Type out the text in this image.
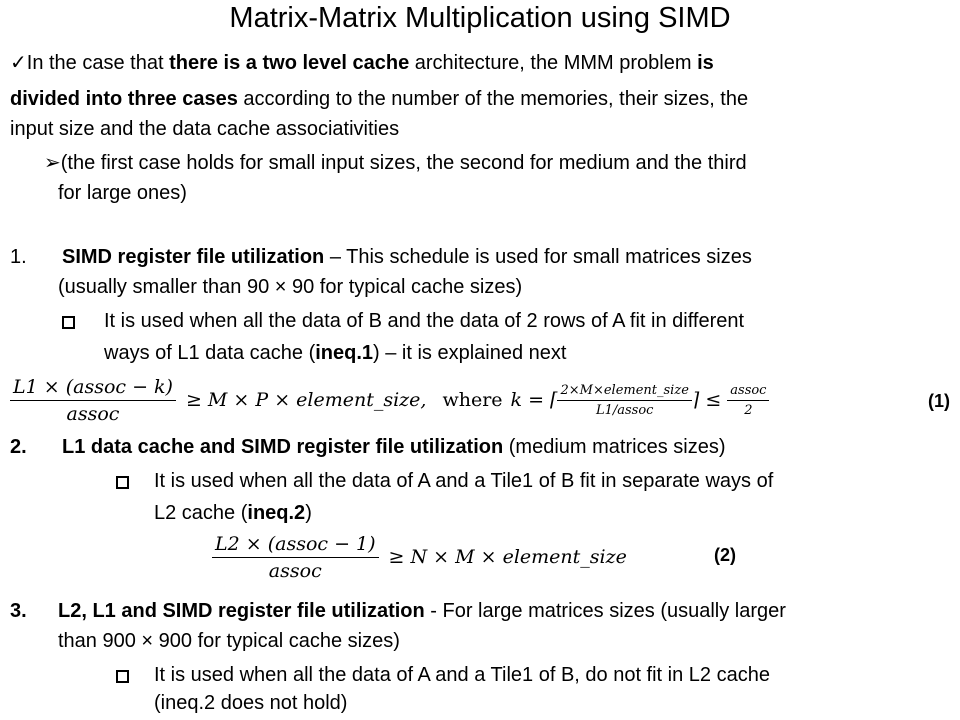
Matrix-Matrix Multiplication using SIMD
✓In the case that there is a two level cache architecture, the MMM problem is
divided into three cases according to the number of the memories, their sizes, the
input size and the data cache associativities
➢(the first case holds for small input sizes, the second for medium and the third
for large ones)
1. SIMD register file utilization – This schedule is used for small matrices sizes
(usually smaller than 90 × 90 for typical cache sizes)
It is used when all the data of B and the data of 2 rows of A fit in different
ways of L1 data cache (ineq.1) – it is explained next
$\frac{\text{L1 × (assoc − k)}}{\text{assoc}} \ge M \times P$ × element_size, where k = ⌈ $\frac{\text{2×M×element\_size}}{\text{L1/assoc}}$ ⌉ ≤ $\frac{\text{assoc}}{2}$	(1)
2. L1 data cache and SIMD register file utilization (medium matrices sizes)
It is used when all the data of A and a Tile1 of B fit in separate ways of
L2 cache (ineq.2)
$\frac{\text{L2 × (assoc − 1)}}{\text{assoc}} \ge N \times M$ × element_size	(2)
3. L2, L1 and SIMD register file utilization - For large matrices sizes (usually larger
than 900 × 900 for typical cache sizes)
It is used when all the data of A and a Tile1 of B, do not fit in L2 cache
(ineq.2 does not hold)
